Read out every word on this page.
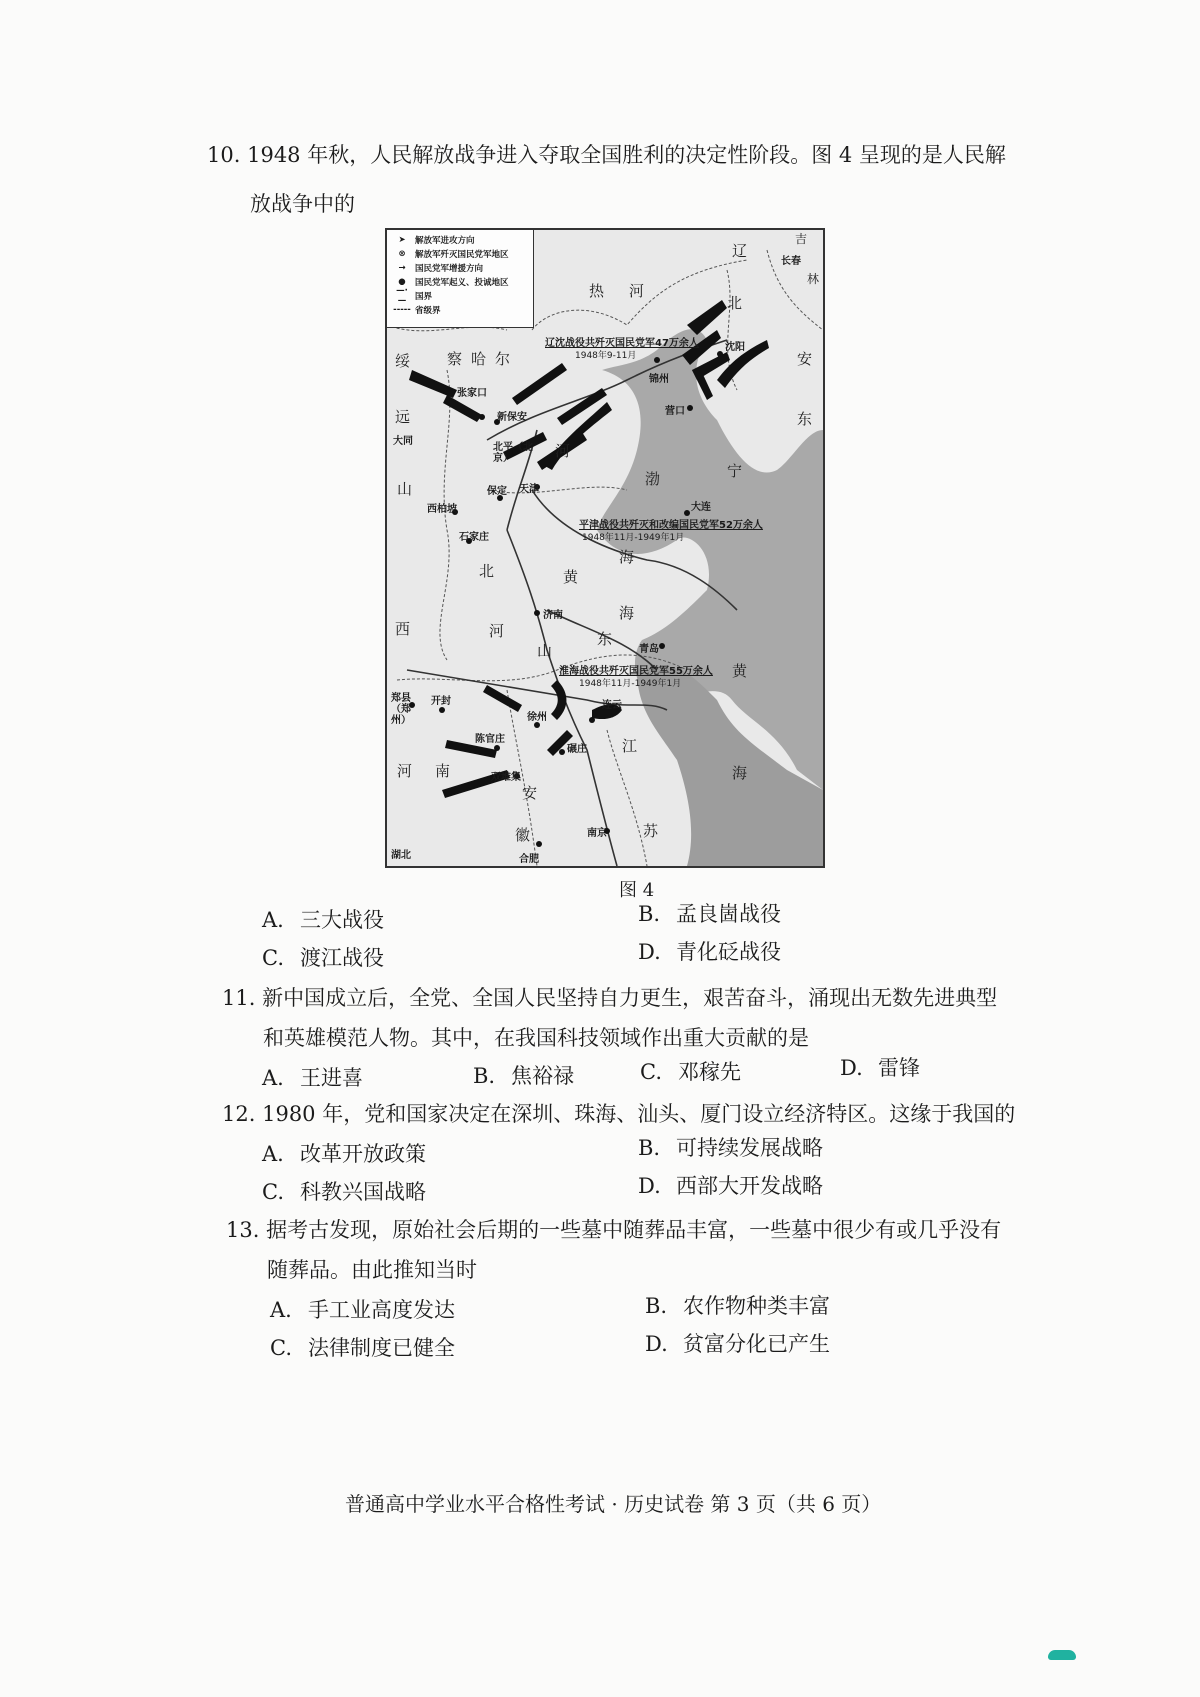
10. 1948 年秋，人民解放战争进入夺取全国胜利的决定性阶段。图 4 呈现的是人民解
放战争中的
➤	解放军进攻方向
⊗	解放军歼灭国民党军地区
→	国民党军增援方向
●	国民党军起义、投诚地区
—·—	国界
----- 省级界
热 河
辽
北
吉
长春
林
安
东
绥 察 哈 尔
远
大同
山
河
宁
渤
海
北	黄
海
西	河
山
东
黄
江
海
河 南
安
徽	苏
湖北
沈阳
锦州
营口
大连
张家口
新保安
北平（北京）
天津
保定
西柏坡
石家庄
济南
青岛
郑县（郑州）
开封
徐州
连云
陈官庄
碾庄
双堆集
南京
合肥
辽沈战役共歼灭国民党军47万余人
1948年9-11月
平津战役共歼灭和改编国民党军52万余人
1948年11月-1949年1月
淮海战役共歼灭国民党军55万余人
1948年11月-1949年1月
图 4
A. 三大战役	B. 孟良崮战役
C. 渡江战役	D. 青化砭战役
11. 新中国成立后，全党、全国人民坚持自力更生，艰苦奋斗，涌现出无数先进典型
和英雄模范人物。其中，在我国科技领域作出重大贡献的是
A. 王进喜	B. 焦裕禄	C. 邓稼先	D. 雷锋
12. 1980 年，党和国家决定在深圳、珠海、汕头、厦门设立经济特区。这缘于我国的
A. 改革开放政策	B. 可持续发展战略
C. 科教兴国战略	D. 西部大开发战略
13. 据考古发现，原始社会后期的一些墓中随葬品丰富，一些墓中很少有或几乎没有
随葬品。由此推知当时
A. 手工业高度发达	B. 农作物种类丰富
C. 法律制度已健全	D. 贫富分化已产生
普通高中学业水平合格性考试 · 历史试卷 第 3 页（共 6 页）
